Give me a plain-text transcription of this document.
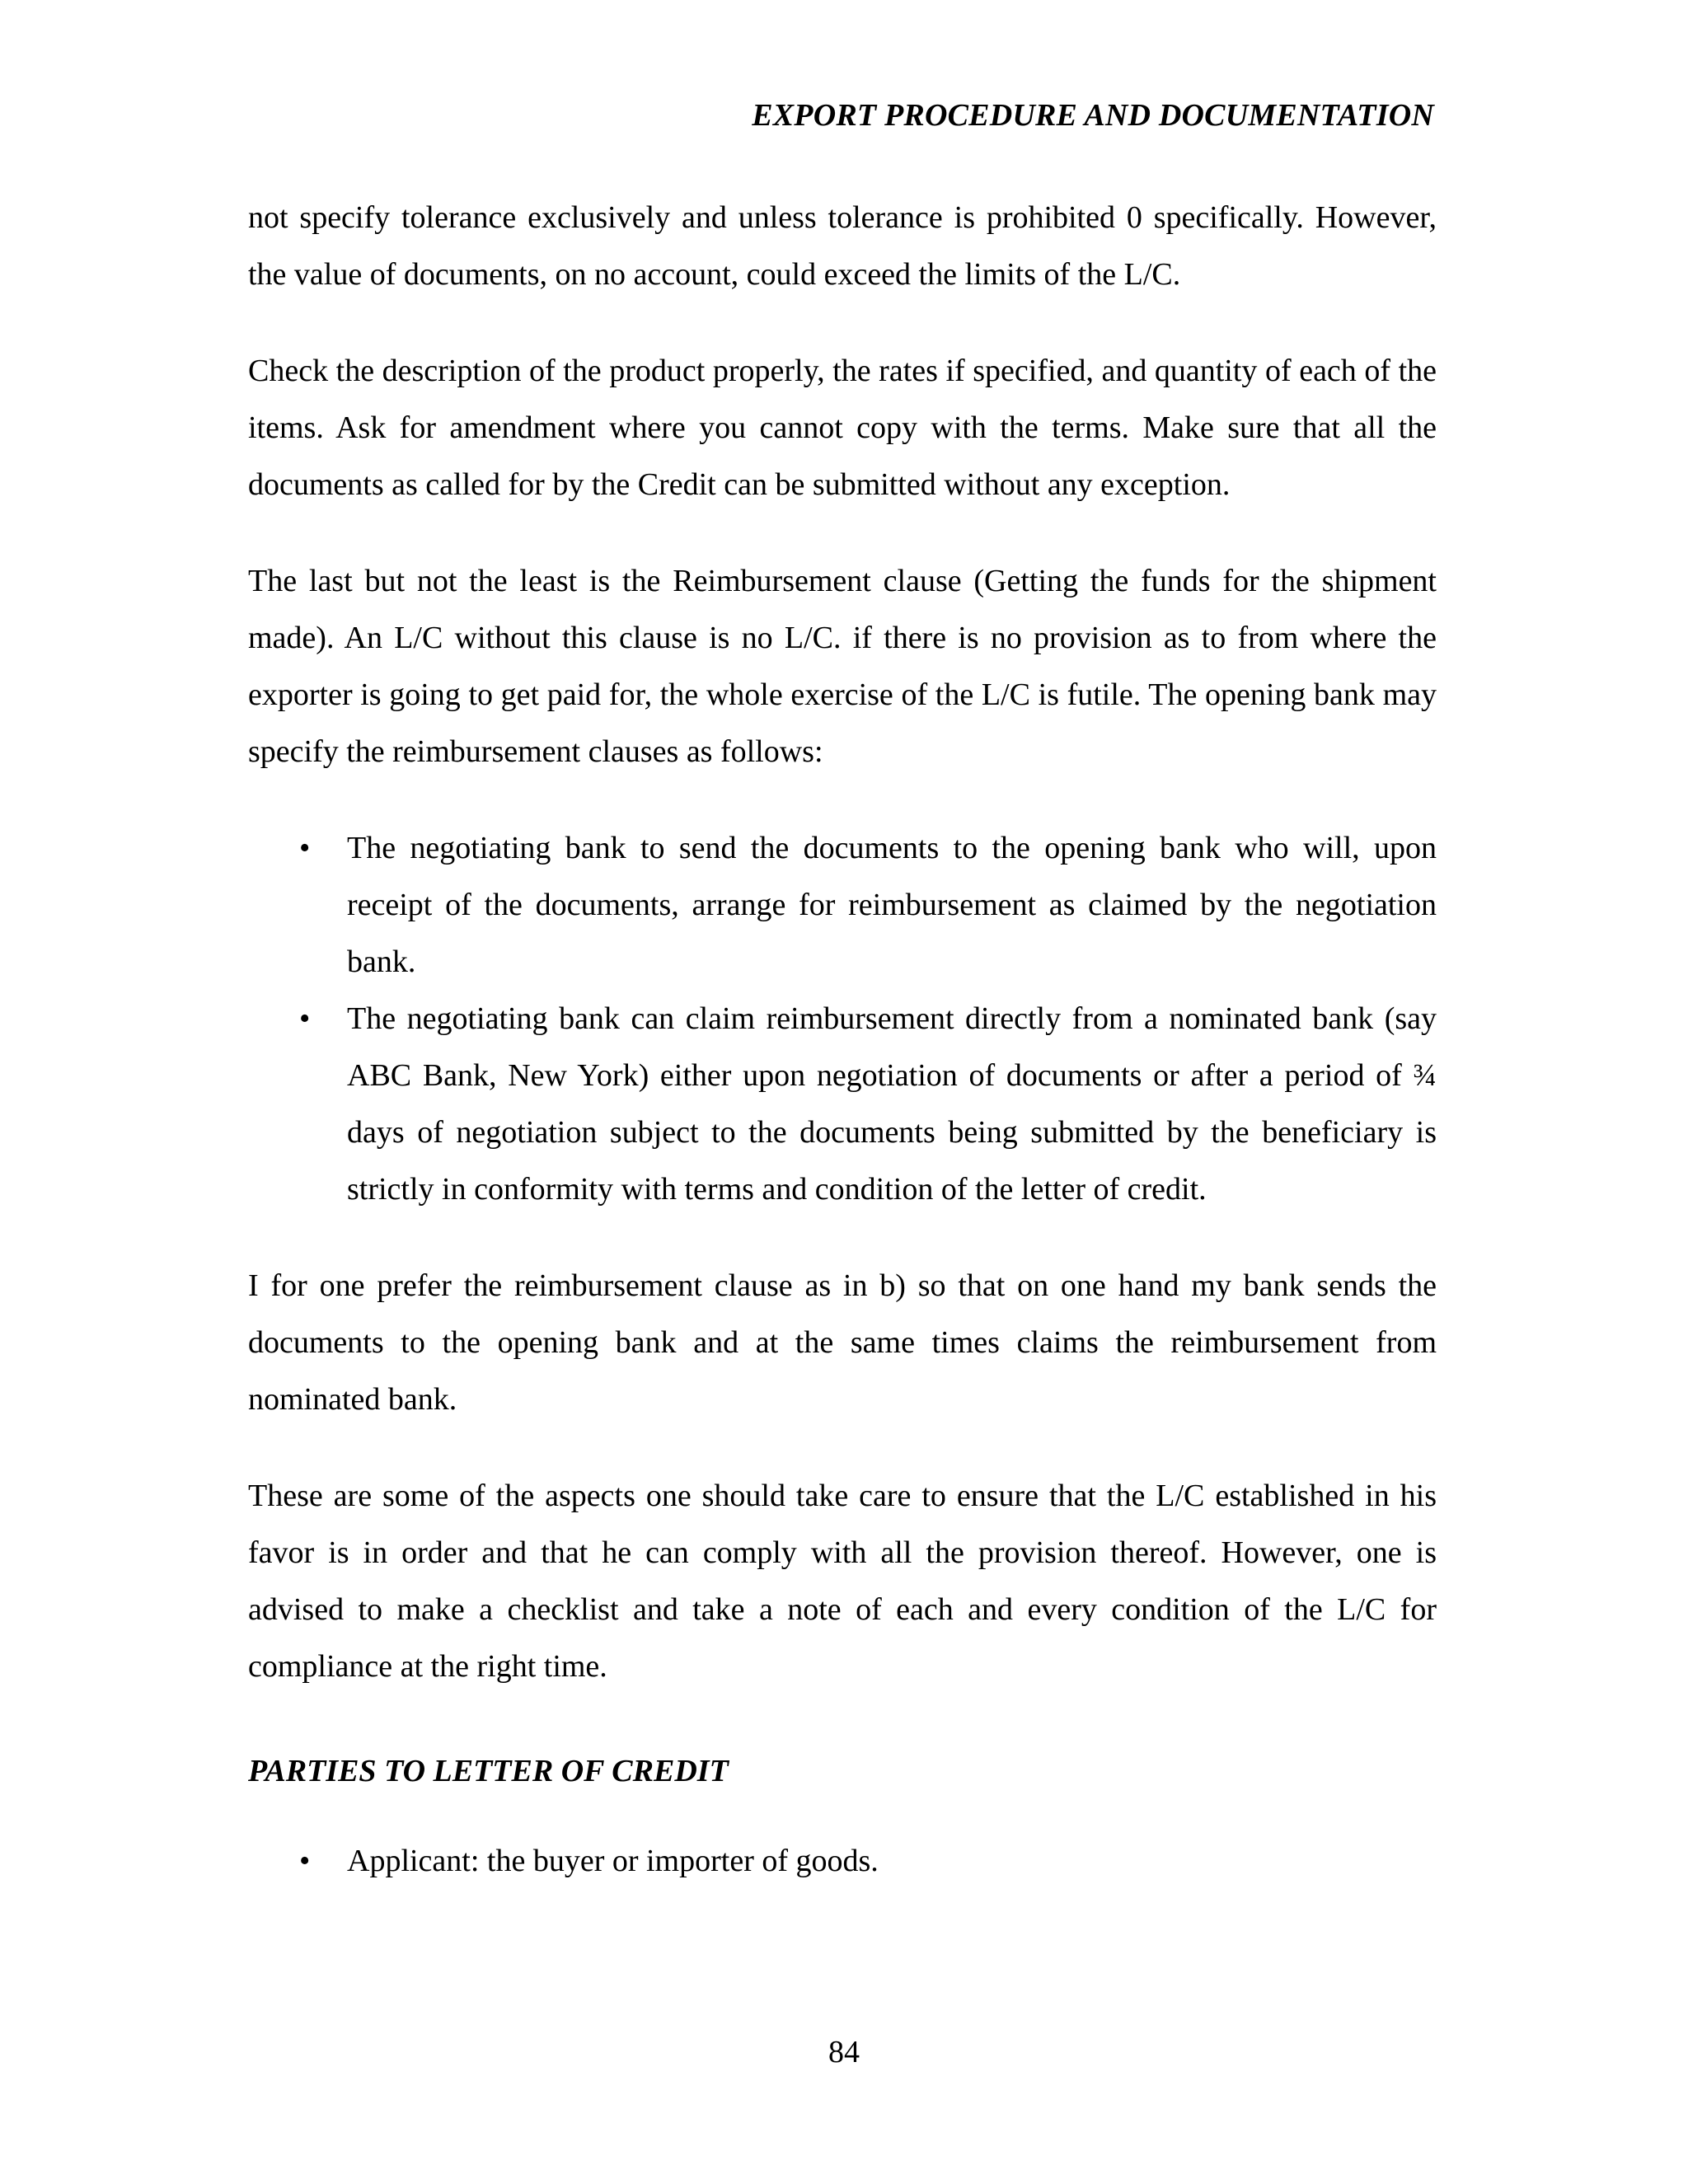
EXPORT PROCEDURE AND DOCUMENTATION

not specify tolerance exclusively and unless tolerance is prohibited 0 specifically. However, the value of documents, on no account, could exceed the limits of the L/C.

Check the description of the product properly, the rates if specified, and quantity of each of the items. Ask for amendment where you cannot copy with the terms. Make sure that all the documents as called for by the Credit can be submitted without any exception.

The last but not the least is the Reimbursement clause (Getting the funds for the shipment made). An L/C without this clause is no L/C. if there is no provision as to from where the exporter is going to get paid for, the whole exercise of the L/C is futile. The opening bank may specify the reimbursement clauses as follows:

• The negotiating bank to send the documents to the opening bank who will, upon receipt of the documents, arrange for reimbursement as claimed by the negotiation bank.
• The negotiating bank can claim reimbursement directly from a nominated bank (say ABC Bank, New York) either upon negotiation of documents or after a period of ¾ days of negotiation subject to the documents being submitted by the beneficiary is strictly in conformity with terms and condition of the letter of credit.

I for one prefer the reimbursement clause as in b) so that on one hand my bank sends the documents to the opening bank and at the same times claims the reimbursement from nominated bank.

These are some of the aspects one should take care to ensure that the L/C established in his favor is in order and that he can comply with all the provision thereof. However, one is advised to make a checklist and take a note of each and every condition of the L/C for compliance at the right time.

PARTIES TO LETTER OF CREDIT
• Applicant: the buyer or importer of goods.
84
